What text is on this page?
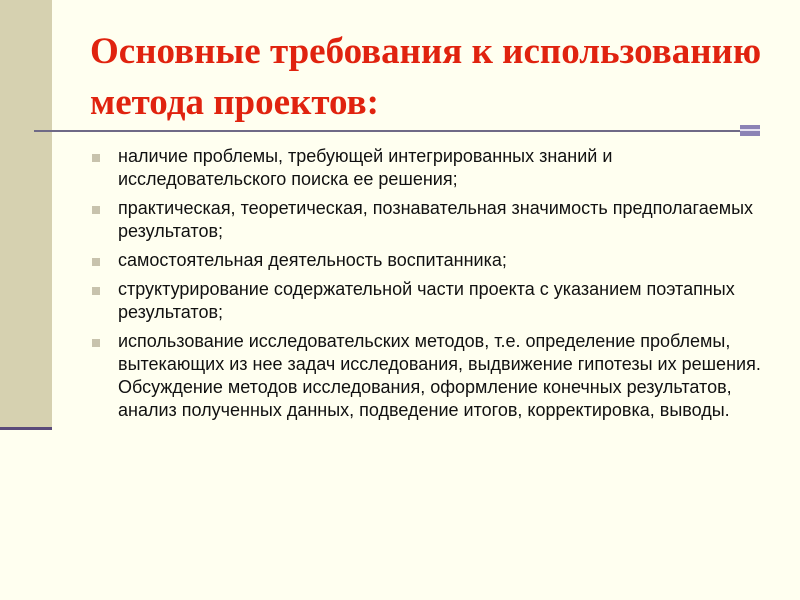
Основные требования к использованию метода проектов:
наличие проблемы, требующей интегрированных знаний и исследовательского поиска ее решения;
практическая, теоретическая, познавательная значимость предполагаемых результатов;
самостоятельная деятельность воспитанника;
структурирование содержательной части проекта с указанием поэтапных результатов;
использование исследовательских методов, т.е. определение проблемы, вытекающих из нее задач исследования, выдвижение гипотезы их решения. Обсуждение методов исследования, оформление конечных результатов, анализ полученных данных, подведение итогов, корректировка, выводы.
